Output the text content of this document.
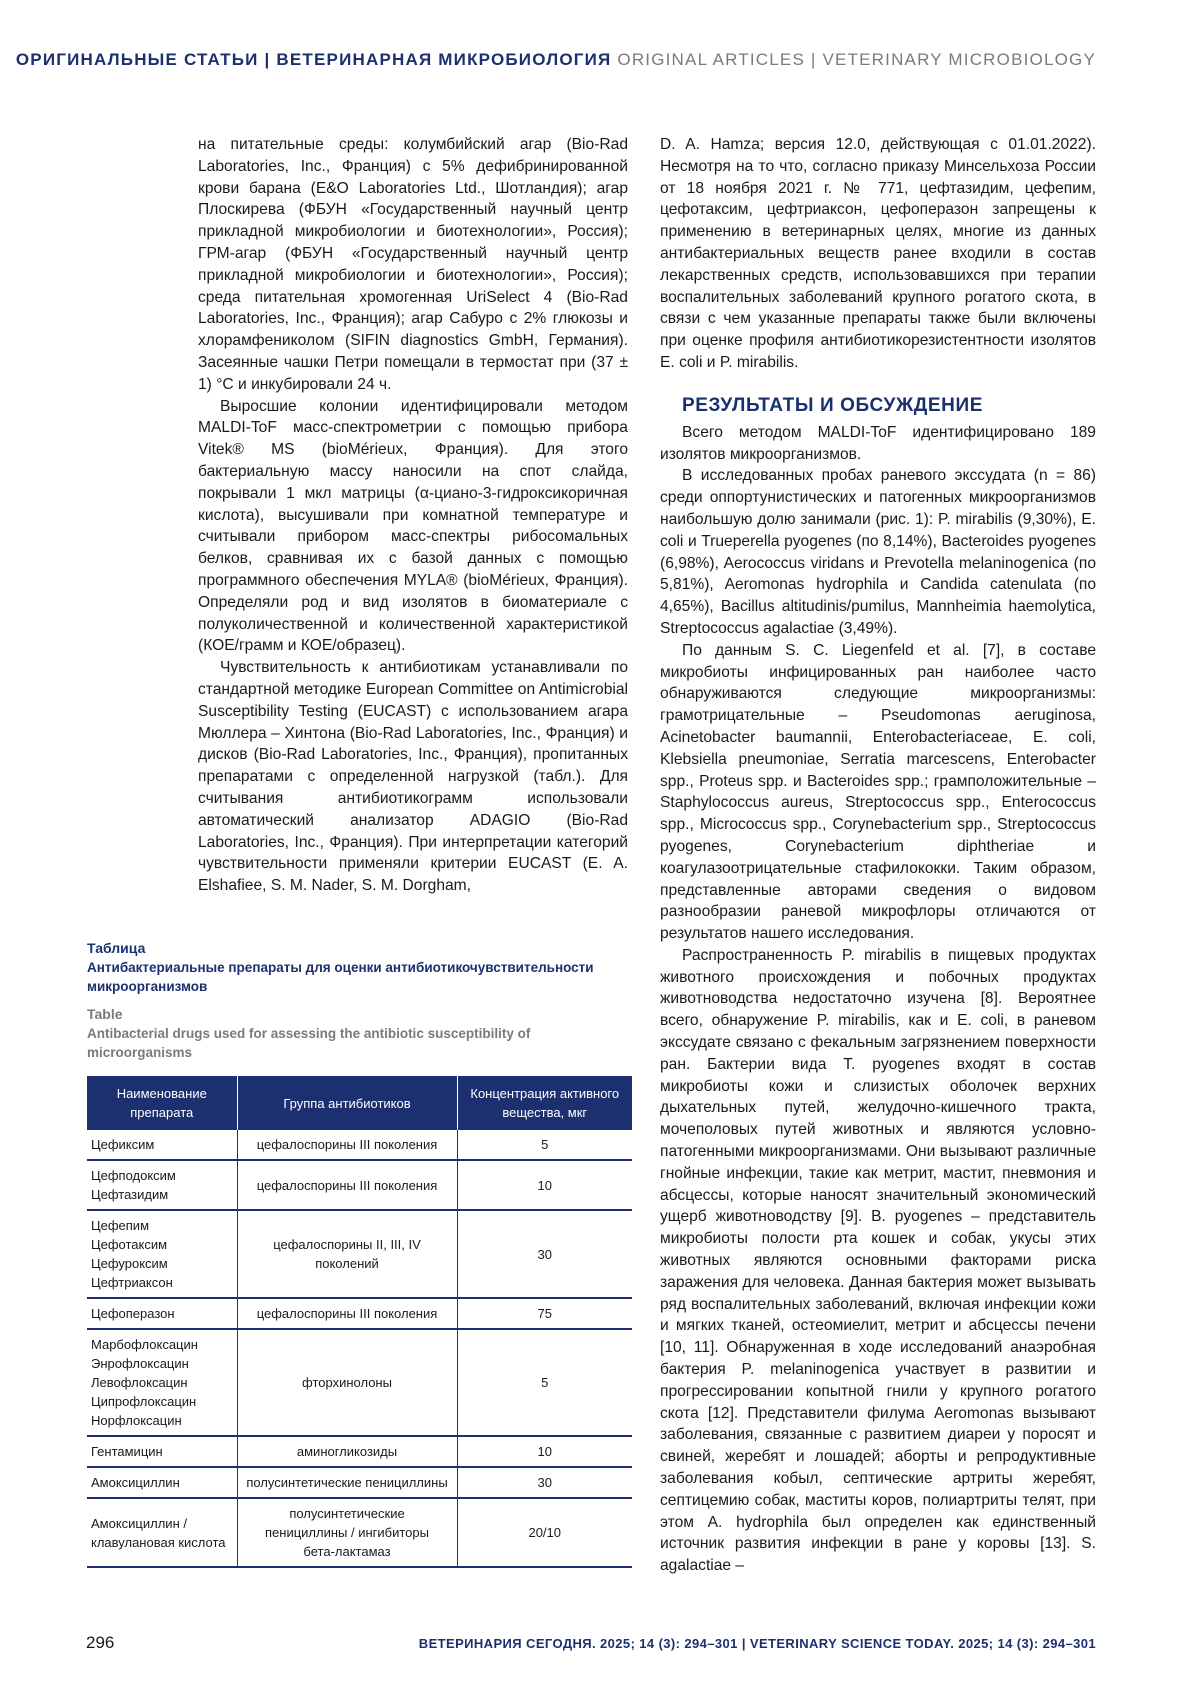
ОРИГИНАЛЬНЫЕ СТАТЬИ | ВЕТЕРИНАРНАЯ МИКРОБИОЛОГИЯ ORIGINAL ARTICLES | VETERINARY MICROBIOLOGY

на питательные среды: колумбийский агар (Bio-Rad Laboratories, Inc., Франция) с 5% дефибринированной крови барана (E&O Laboratories Ltd., Шотландия); агар Плоскирева (ФБУН «Государственный научный центр прикладной микробиологии и биотехнологии», Россия); ГРМ-агар (ФБУН «Государственный научный центр прикладной микробиологии и биотехнологии», Россия); среда питательная хромогенная UriSelect 4 (Bio-Rad Laboratories, Inc., Франция); агар Сабуро с 2% глюкозы и хлорамфениколом (SIFIN diagnostics GmbH, Германия). Засеянные чашки Петри помещали в термостат при (37 ± 1) °C и инкубировали 24 ч.

Выросшие колонии идентифицировали методом MALDI-ToF масс-спектрометрии с помощью прибора Vitek® MS (bioMérieux, Франция). Для этого бактериальную массу наносили на спот слайда, покрывали 1 мкл матрицы (α-циано-3-гидроксикоричная кислота), высушивали при комнатной температуре и считывали прибором масс-спектры рибосомальных белков, сравнивая их с базой данных с помощью программного обеспечения MYLA® (bioMérieux, Франция). Определяли род и вид изолятов в биоматериале с полуколичественной и количественной характеристикой (КОЕ/грамм и КОЕ/образец).

Чувствительность к антибиотикам устанавливали по стандартной методике European Committee on Antimicrobial Susceptibility Testing (EUCAST) с использованием агара Мюллера – Хинтона (Bio-Rad Laboratories, Inc., Франция) и дисков (Bio-Rad Laboratories, Inc., Франция), пропитанных препаратами с определенной нагрузкой (табл.). Для считывания антибиотикограмм использовали автоматический анализатор ADAGIO (Bio-Rad Laboratories, Inc., Франция). При интерпретации категорий чувствительности применяли критерии EUCAST (E. A. Elshafiee, S. M. Nader, S. M. Dorgham,

D. A. Hamza; версия 12.0, действующая с 01.01.2022). Несмотря на то что, согласно приказу Минсельхоза России от 18 ноября 2021 г. № 771, цефтазидим, цефепим, цефотаксим, цефтриаксон, цефоперазон запрещены к применению в ветеринарных целях, многие из данных антибактериальных веществ ранее входили в состав лекарственных средств, использовавшихся при терапии воспалительных заболеваний крупного рогатого скота, в связи с чем указанные препараты также были включены при оценке профиля антибиотикорезистентности изолятов E. coli и P. mirabilis.

РЕЗУЛЬТАТЫ И ОБСУЖДЕНИЕ

Всего методом MALDI-ToF идентифицировано 189 изолятов микроорганизмов.

В исследованных пробах раневого экссудата (n = 86) среди оппортунистических и патогенных микроорганизмов наибольшую долю занимали (рис. 1): P. mirabilis (9,30%), E. coli и Trueperella pyogenes (по 8,14%), Bacteroides pyogenes (6,98%), Aerococcus viridans и Prevotella melaninogenica (по 5,81%), Aeromonas hydrophila и Candida catenulata (по 4,65%), Bacillus altitudinis/pumilus, Mannheimia haemolytica, Streptococcus agalactiae (3,49%).

По данным S. C. Liegenfeld et al. [7], в составе микробиоты инфицированных ран наиболее часто обнаруживаются следующие микроорганизмы: грамотрицательные – Pseudomonas aeruginosa, Acinetobacter baumannii, Enterobacteriaceae, E. coli, Klebsiella pneumoniae, Serratia marcescens, Enterobacter spp., Proteus spp. и Bacteroides spp.; грамположительные – Staphylococcus aureus, Streptococcus spp., Enterococcus spp., Micrococcus spp., Corynebacterium spp., Streptococcus pyogenes, Corynebacterium diphtheriae и коагулазоотрицательные стафилококки. Таким образом, представленные авторами сведения о видовом разнообразии раневой микрофлоры отличаются от результатов нашего исследования.

Распространенность P. mirabilis в пищевых продуктах животного происхождения и побочных продуктах животноводства недостаточно изучена [8]. Вероятнее всего, обнаружение P. mirabilis, как и E. coli, в раневом экссудате связано с фекальным загрязнением поверхности ран. Бактерии вида T. pyogenes входят в состав микробиоты кожи и слизистых оболочек верхних дыхательных путей, желудочно-кишечного тракта, мочеполовых путей животных и являются условно-патогенными микроорганизмами. Они вызывают различные гнойные инфекции, такие как метрит, мастит, пневмония и абсцессы, которые наносят значительный экономический ущерб животноводству [9]. B. pyogenes – представитель микробиоты полости рта кошек и собак, укусы этих животных являются основными факторами риска заражения для человека. Данная бактерия может вызывать ряд воспалительных заболеваний, включая инфекции кожи и мягких тканей, остеомиелит, метрит и абсцессы печени [10, 11]. Обнаруженная в ходе исследований анаэробная бактерия P. melaninogenica участвует в развитии и прогрессировании копытной гнили у крупного рогатого скота [12]. Представители филума Aeromonas вызывают заболевания, связанные с развитием диареи у поросят и свиней, жеребят и лошадей; аборты и репродуктивные заболевания кобыл, септические артриты жеребят, септицемию собак, маститы коров, полиартриты телят, при этом A. hydrophila был определен как единственный источник развития инфекции в ране у коровы [13]. S. agalactiae –

Таблица
Антибактериальные препараты для оценки антибиотикочувствительности микроорганизмов
Table
Antibacterial drugs used for assessing the antibiotic susceptibility of microorganisms
Наименование препарата	Группа антибиотиков	Концентрация активного вещества, мкг
Цефиксим	цефалоспорины III поколения	5
Цефподоксим
Цефтазидим	цефалоспорины III поколения	10
Цефепим
Цефотаксим
Цефуроксим
Цефтриаксон	цефалоспорины II, III, IV
поколений	30
Цефоперазон	цефалоспорины III поколения	75
Марбофлоксацин
Энрофлоксацин
Левофлоксацин
Ципрофлоксацин
Норфлоксацин	фторхинолоны	5
Гентамицин	аминогликозиды	10
Амоксициллин	полусинтетические пенициллины	30
Амоксициллин /
клавулановая кислота	полусинтетические
пенициллины / ингибиторы
бета-лактамаз	20/10
296	ВЕТЕРИНАРИЯ СЕГОДНЯ. 2025; 14 (3): 294–301 | VETERINARY SCIENCE TODAY. 2025; 14 (3): 294–301
